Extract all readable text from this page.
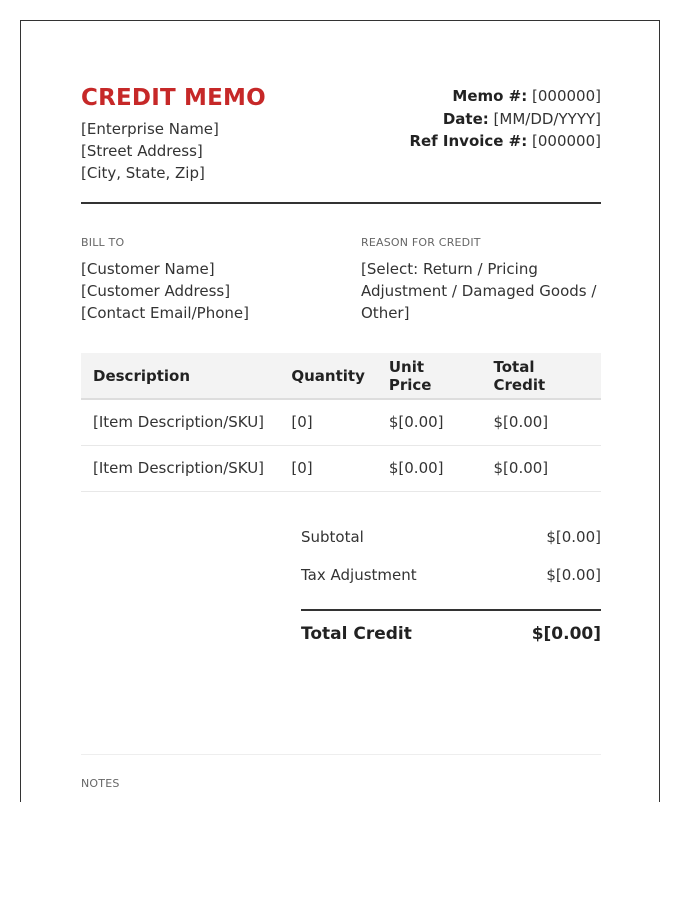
CREDIT MEMO
[Enterprise Name]
[Street Address]
[City, State, Zip]
Memo #: [000000]
Date: [MM/DD/YYYY]
Ref Invoice #: [000000]
BILL TO
[Customer Name]
[Customer Address]
[Contact Email/Phone]
REASON FOR CREDIT
[Select: Return / Pricing Adjustment / Damaged Goods / Other]
Description	Quantity	Unit Price	Total Credit
[Item Description/SKU]	[0]	$[0.00]	$[0.00]
[Item Description/SKU]	[0]	$[0.00]	$[0.00]
Subtotal	$[0.00]
Tax Adjustment	$[0.00]
Total Credit	$[0.00]
NOTES
